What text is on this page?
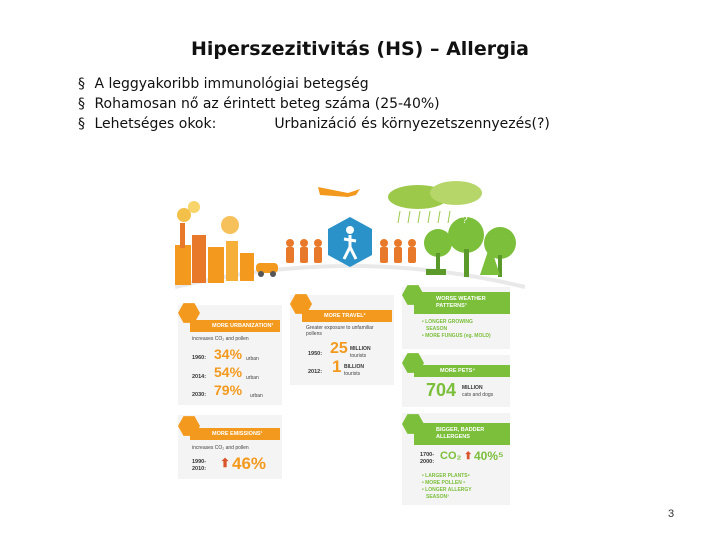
Hiperszezitivitás (HS) – Allergia
§ A leggyakoribb immunológiai betegség
§ Rohamosan nő az érintett beteg száma (25-40%)
§ Lehetséges okok:	Urbanizáció és környezetszennyezés(?)
?
MORE URBANIZATION¹
increases CO₂ and pollen
1960: 34% urban
2014: 54% urban
2030: 79% urban
MORE EMISSIONS¹
increases CO₂ and pollen
1990-
2010: ⬆ 46%
MORE TRAVEL²
Greater exposure to unfamiliar pollens
1950: 25 MILLION
tourists
2012: 1 BILLION
tourists
WORSE WEATHER
PATTERNS³
• LONGER GROWING
SEASON
• MORE FUNGUS (eg. MOLD)
MORE PETS⁴
704 MILLION
cats and dogs
BIGGER, BADDER
ALLERGENS
1700-
2000: CO₂ ⬆ 40%⁵
• LARGER PLANTS⁶
• MORE POLLEN ⁶
• LONGER ALLERGY
SEASON³
3
